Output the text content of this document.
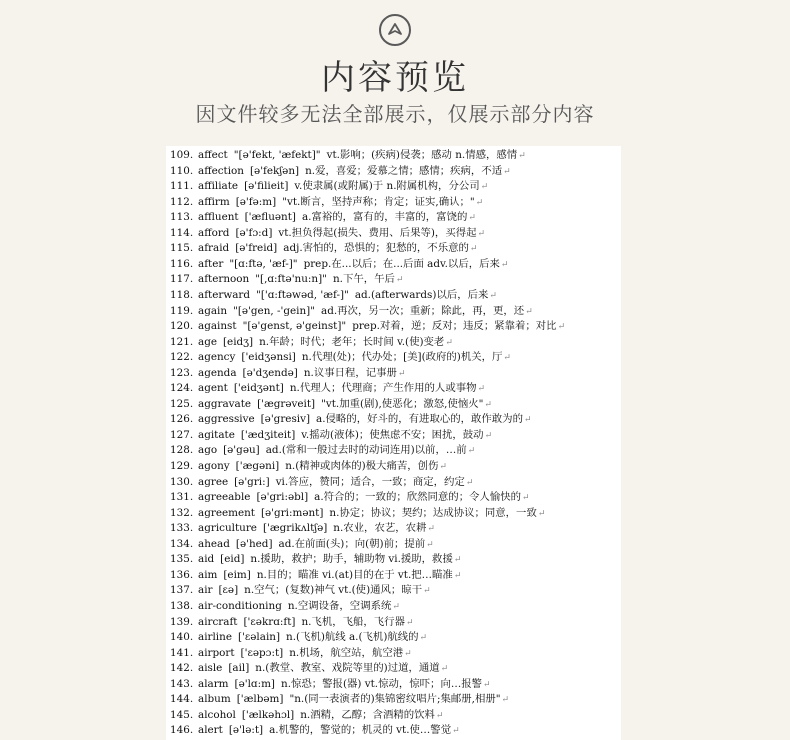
内容预览
因文件较多无法全部展示，仅展示部分内容
109. affect "[ə'fekt, 'æfekt]" vt.影响；(疾病)侵袭；感动 n.情感，感情↵
110. affection [ə'fekʃən] n.爱，喜爱；爱慕之情；感情；疾病，不适↵
111. affiliate [ə'filieit] v.使隶属(或附属)于 n.附属机构，分公司↵
112. affirm [ə'fə:m] "vt.断言，坚持声称；肯定；证实,确认；"↵
113. affluent ['æfluənt] a.富裕的，富有的，丰富的，富饶的↵
114. afford [ə'fɔ:d] vt.担负得起(损失、费用、后果等)，买得起↵
115. afraid [ə'freid] adj.害怕的，恐惧的；犯愁的，不乐意的↵
116. after "[ɑ:ftə, 'æf-]" prep.在...以后；在...后面 adv.以后，后来↵
117. afternoon "[,ɑ:ftə'nu:n]" n.下午，午后↵
118. afterward "['ɑ:ftəwəd, 'æf-]" ad.(afterwards)以后，后来↵
119. again "[ə'gen, -'gein]" ad.再次，另一次；重新；除此，再，更，还↵
120. against "[ə'genst, ə'geinst]" prep.对着，逆；反对；违反；紧靠着；对比↵
121. age [eidʒ] n.年龄；时代；老年；长时间 v.(使)变老↵
122. agency ['eidʒənsi] n.代理(处)；代办处；[美](政府的)机关，厅↵
123. agenda [ə'dʒendə] n.议事日程，记事册↵
124. agent ['eidʒənt] n.代理人；代理商；产生作用的人或事物↵
125. aggravate ['ægrəveit] "vt.加重(剧),使恶化；激怒,使恼火"↵
126. aggressive [ə'gresiv] a.侵略的，好斗的，有进取心的，敢作敢为的↵
127. agitate ['ædʒiteit] v.摇动(液体)；使焦虑不安；困扰，鼓动↵
128. ago [ə'gəu] ad.(常和一般过去时的动词连用)以前，…前↵
129. agony ['ægəni] n.(精神或肉体的)极大痛苦，创伤↵
130. agree [ə'gri:] vi.答应，赞同；适合，一致；商定，约定↵
131. agreeable [ə'gri:əbl] a.符合的；一致的；欣然同意的；令人愉快的↵
132. agreement [ə'gri:mənt] n.协定；协议；契约；达成协议；同意，一致↵
133. agriculture ['ægrikʌltʃə] n.农业，农艺，农耕↵
134. ahead [ə'hed] ad.在前面(头)；向(朝)前；提前↵
135. aid [eid] n.援助，救护；助手，辅助物 vi.援助，救援↵
136. aim [eim] n.目的；瞄准 vi.(at)目的在于 vt.把…瞄准↵
137. air [εə] n.空气；(复数)神气 vt.(使)通风；晾干↵
138. air-conditioning n.空调设备，空调系统↵
139. aircraft ['εəkrɑ:ft] n.飞机，飞船，飞行器↵
140. airline ['εəlain] n.(飞机)航线 a.(飞机)航线的↵
141. airport ['εəpɔ:t] n.机场，航空站，航空港↵
142. aisle [ail] n.(教堂、教室、戏院等里的)过道，通道↵
143. alarm [ə'lɑ:m] n.惊恐；警报(器) vt.惊动，惊吓；向…报警↵
144. album ['ælbəm] "n.(同一表演者的)集锦密纹唱片;集邮册,相册"↵
145. alcohol ['ælkəhɔl] n.酒精，乙醇；含酒精的饮料↵
146. alert [ə'lə:t] a.机警的，警觉的；机灵的 vt.使…警觉↵
